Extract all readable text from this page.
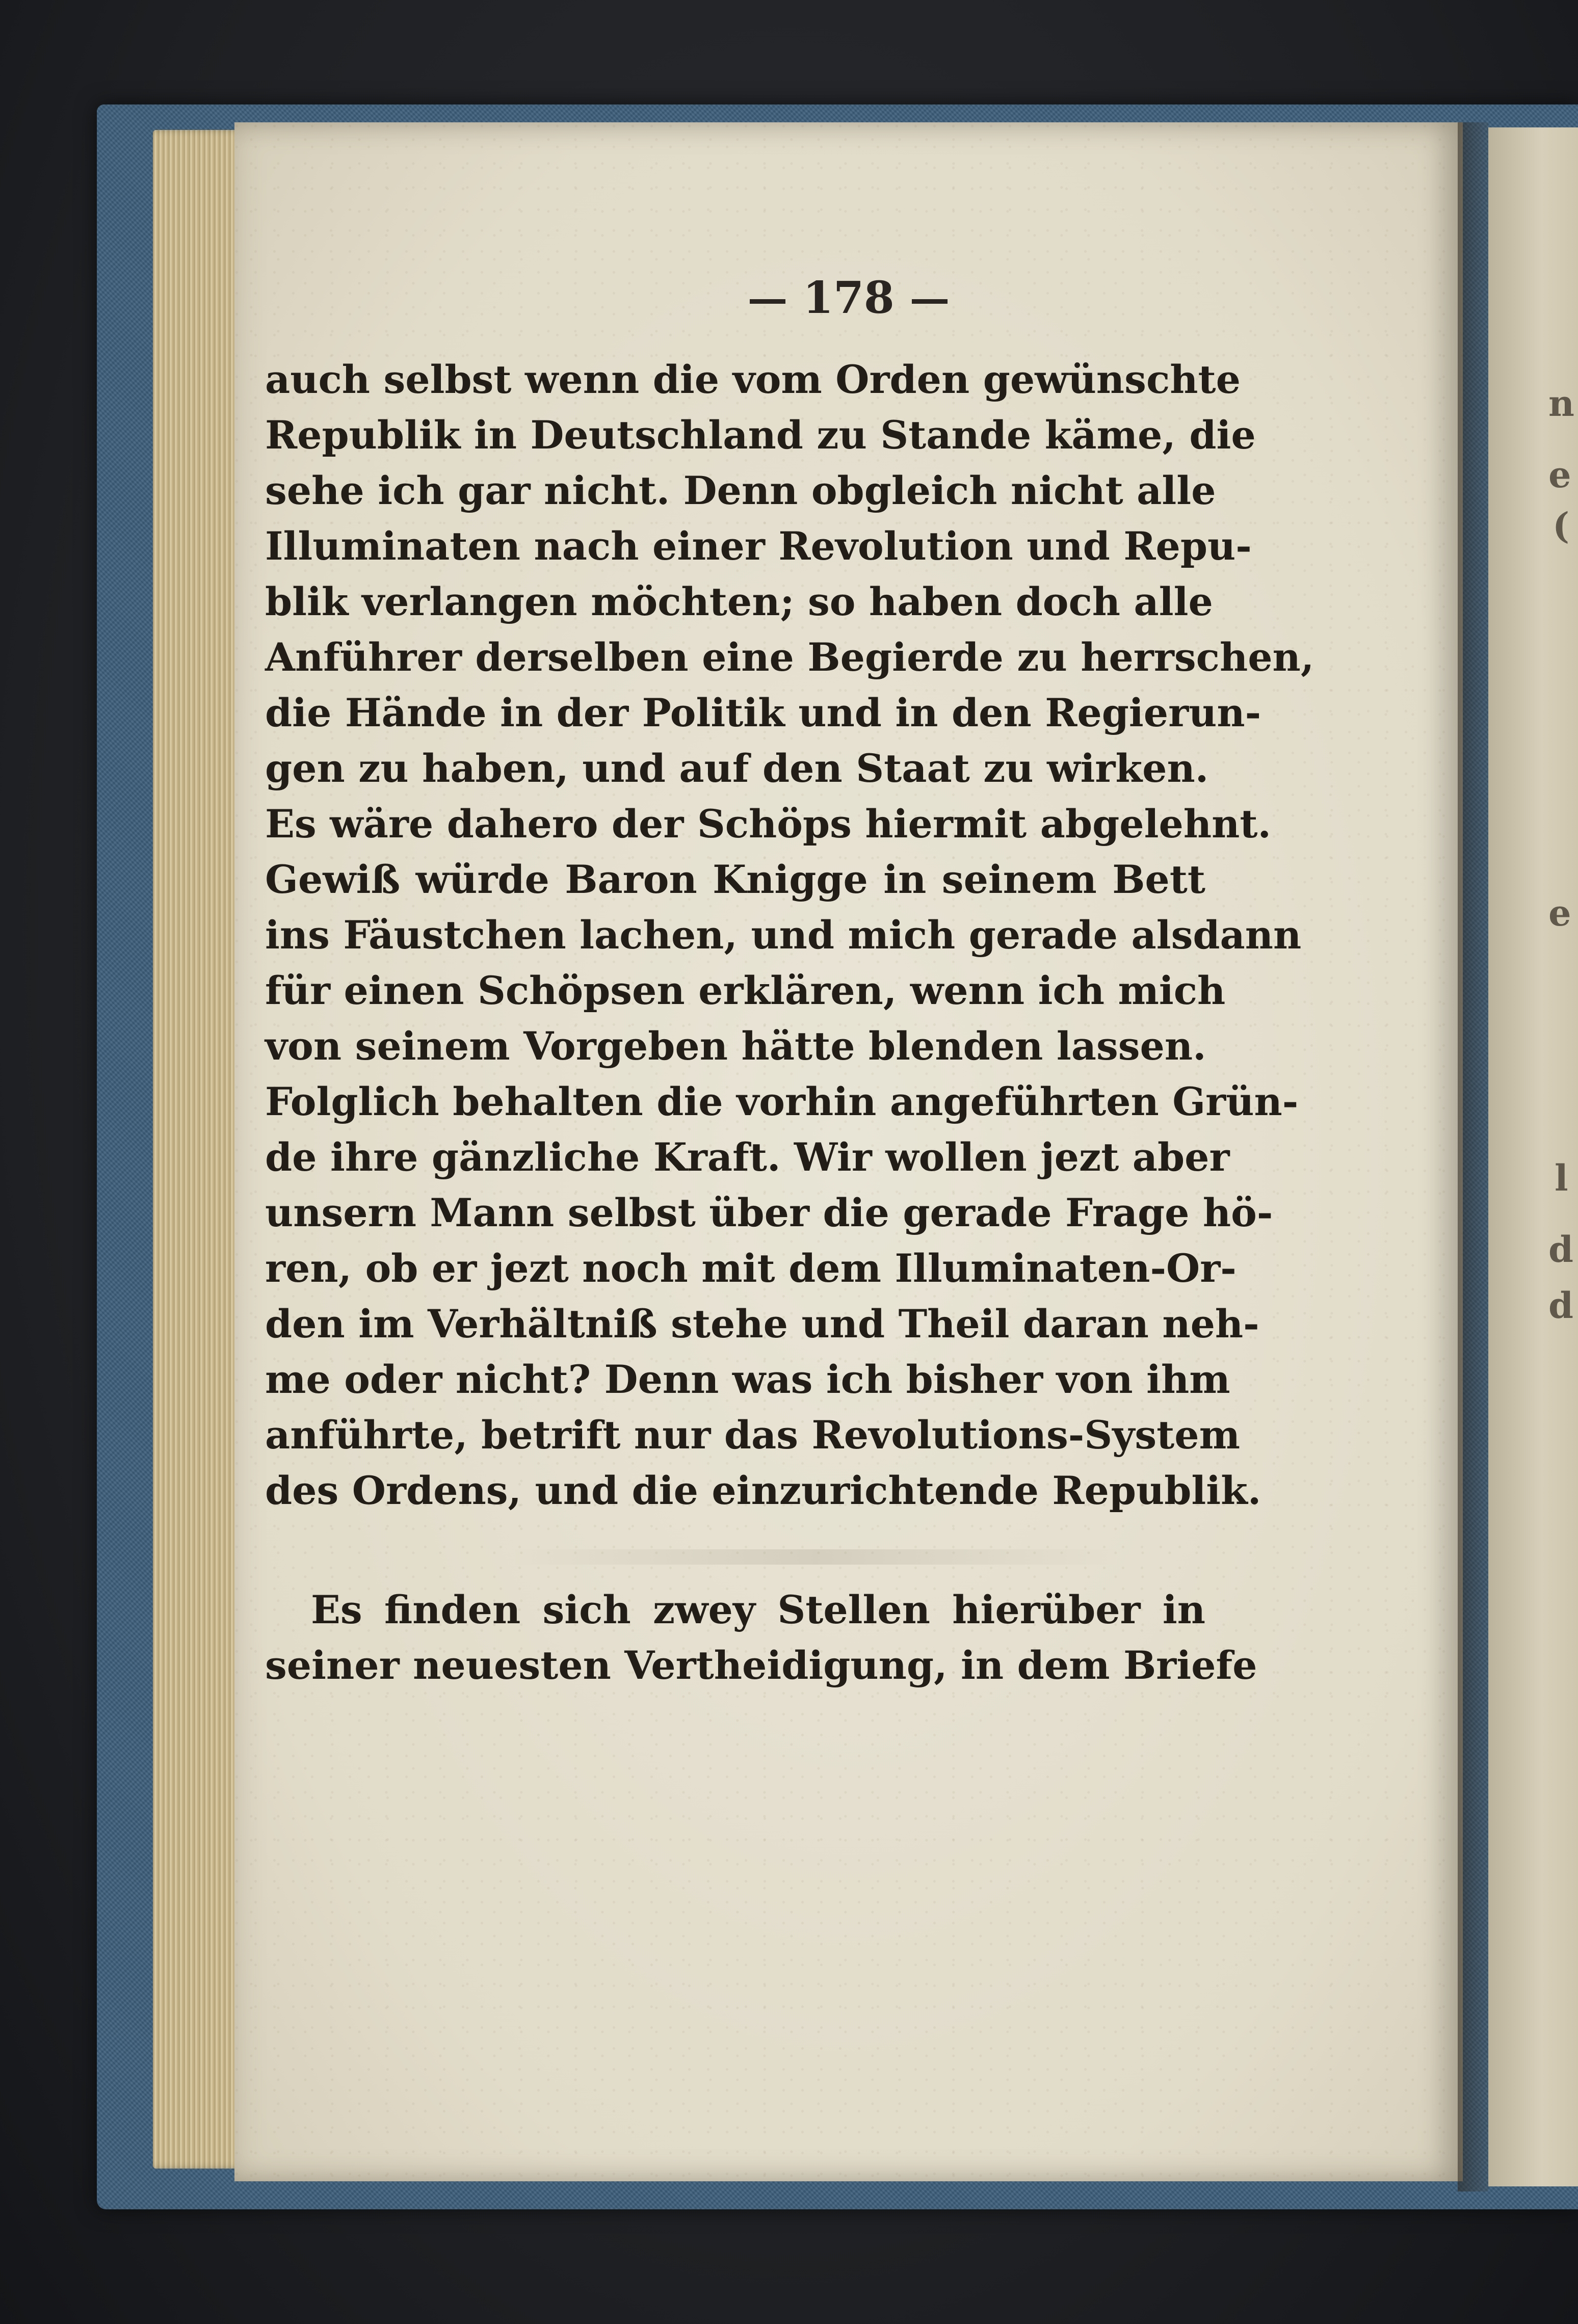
178
auch selbst wenn die vom Orden gewünschte
Republik in Deutschland zu Stande käme, die
sehe ich gar nicht. Denn obgleich nicht alle
Illuminaten nach einer Revolution und Repu-
blik verlangen möchten; so haben doch alle
Anführer derselben eine Begierde zu herrschen,
die Hände in der Politik und in den Regierun-
gen zu haben, und auf den Staat zu wirken.
Es wäre dahero der Schöps hiermit abgelehnt.
Gewiß würde Baron Knigge in seinem Bett
ins Fäustchen lachen, und mich gerade alsdann
für einen Schöpsen erklären, wenn ich mich
von seinem Vorgeben hätte blenden lassen.
Folglich behalten die vorhin angeführten Grün-
de ihre gänzliche Kraft. Wir wollen jezt aber
unsern Mann selbst über die gerade Frage hö-
ren, ob er jezt noch mit dem Illuminaten-Or-
den im Verhältniß stehe und Theil daran neh-
me oder nicht? Denn was ich bisher von ihm
anführte, betrift nur das Revolutions-System
des Ordens, und die einzurichtende Republik.
Es finden sich zwey Stellen hierüber in
seiner neuesten Vertheidigung, in dem Briefe
n
e
(
e
l
d
d
